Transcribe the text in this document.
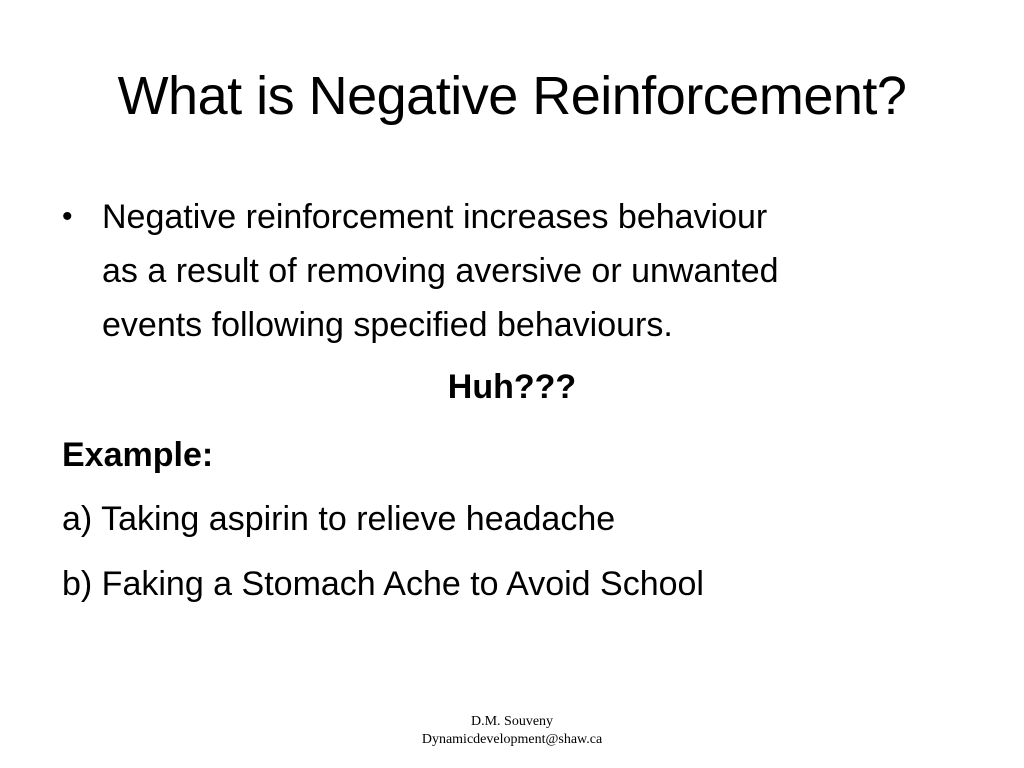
What is Negative Reinforcement?
• Negative reinforcement increases behaviour
as a result of removing aversive or unwanted
events following specified behaviours.
Huh???
Example:
a) Taking aspirin to relieve headache
b) Faking a Stomach Ache to Avoid School
D.M. Souveny
Dynamicdevelopment@shaw.ca
